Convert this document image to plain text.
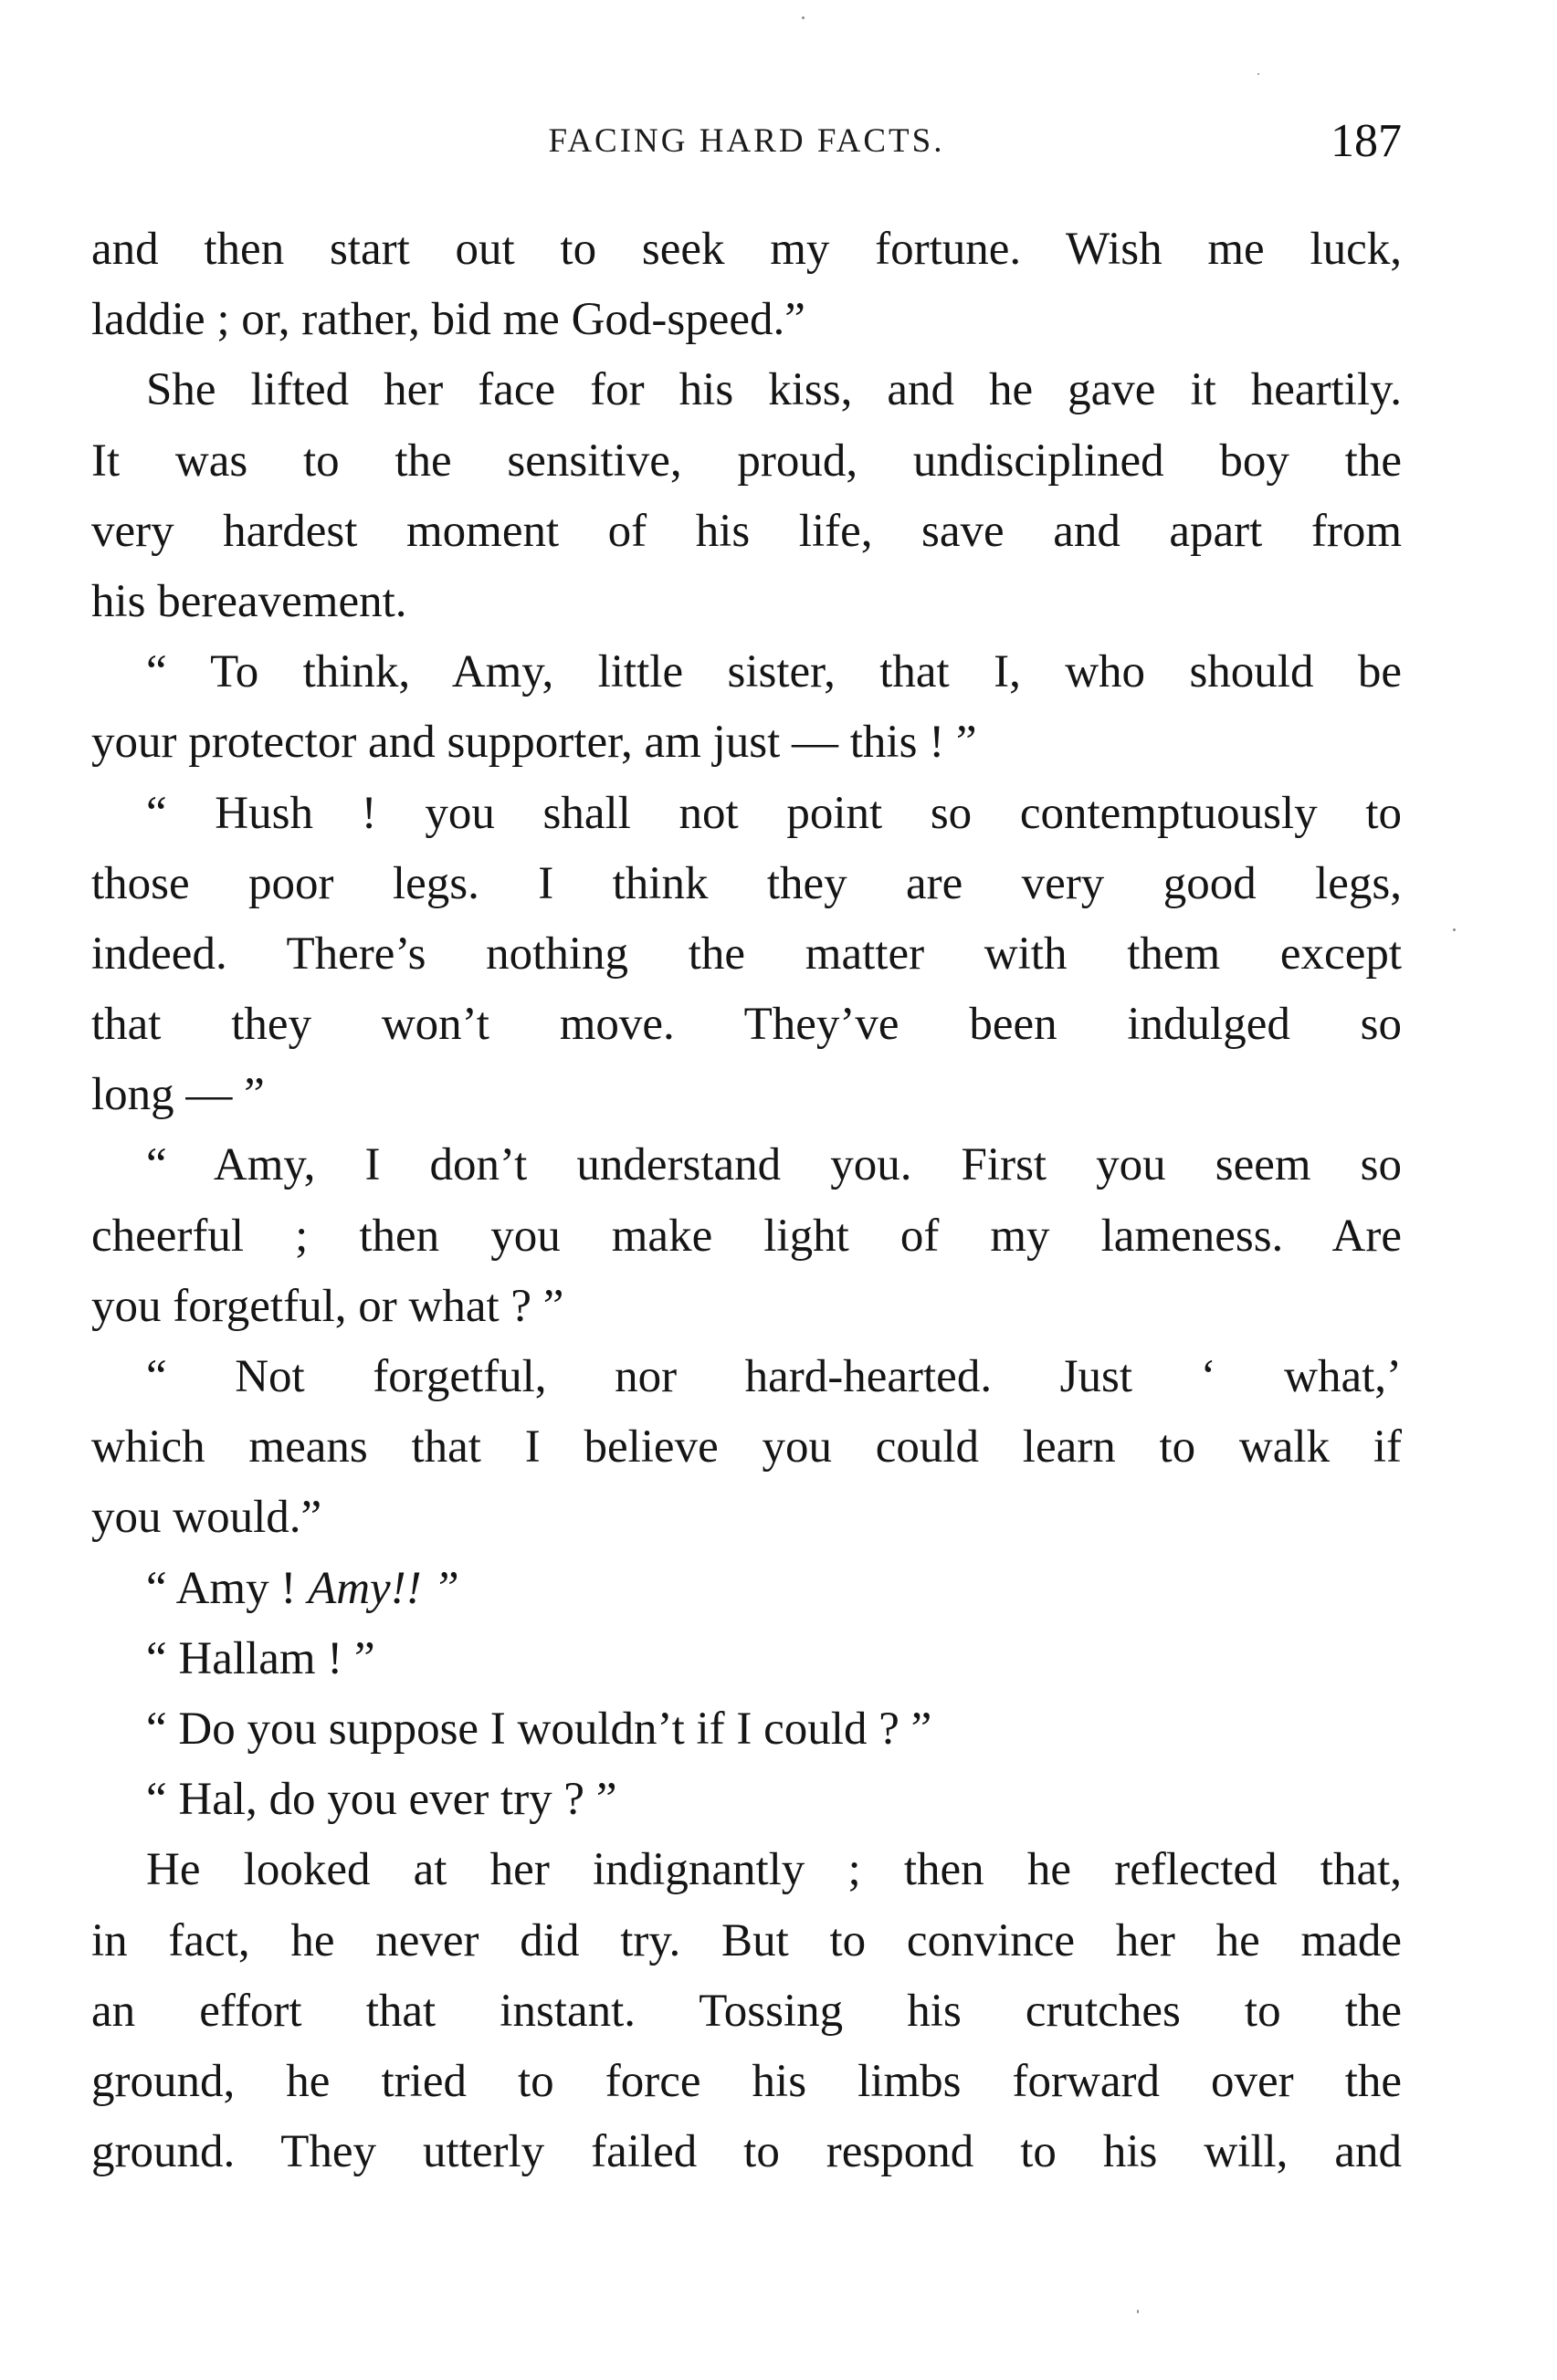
FACING HARD FACTS.	187
and then start out to seek my fortune. Wish me luck,
laddie ; or, rather, bid me God-speed.”
She lifted her face for his kiss, and he gave it heartily.
It was to the sensitive, proud, undisciplined boy the
very hardest moment of his life, save and apart from
his bereavement.
“ To think, Amy, little sister, that I, who should be
your protector and supporter, am just — this ! ”
“ Hush ! you shall not point so contemptuously to
those poor legs. I think they are very good legs,
indeed. There’s nothing the matter with them except
that they won’t move. They’ve been indulged so
long — ”
“ Amy, I don’t understand you. First you seem so
cheerful ; then you make light of my lameness. Are
you forgetful, or what ? ”
“ Not forgetful, nor hard-hearted. Just ‘ what,’
which means that I believe you could learn to walk if
you would.”
“ Amy ! Amy!! ”
“ Hallam ! ”
“ Do you suppose I wouldn’t if I could ? ”
“ Hal, do you ever try ? ”
He looked at her indignantly ; then he reflected that,
in fact, he never did try. But to convince her he made
an effort that instant. Tossing his crutches to the
ground, he tried to force his limbs forward over the
ground. They utterly failed to respond to his will, and
